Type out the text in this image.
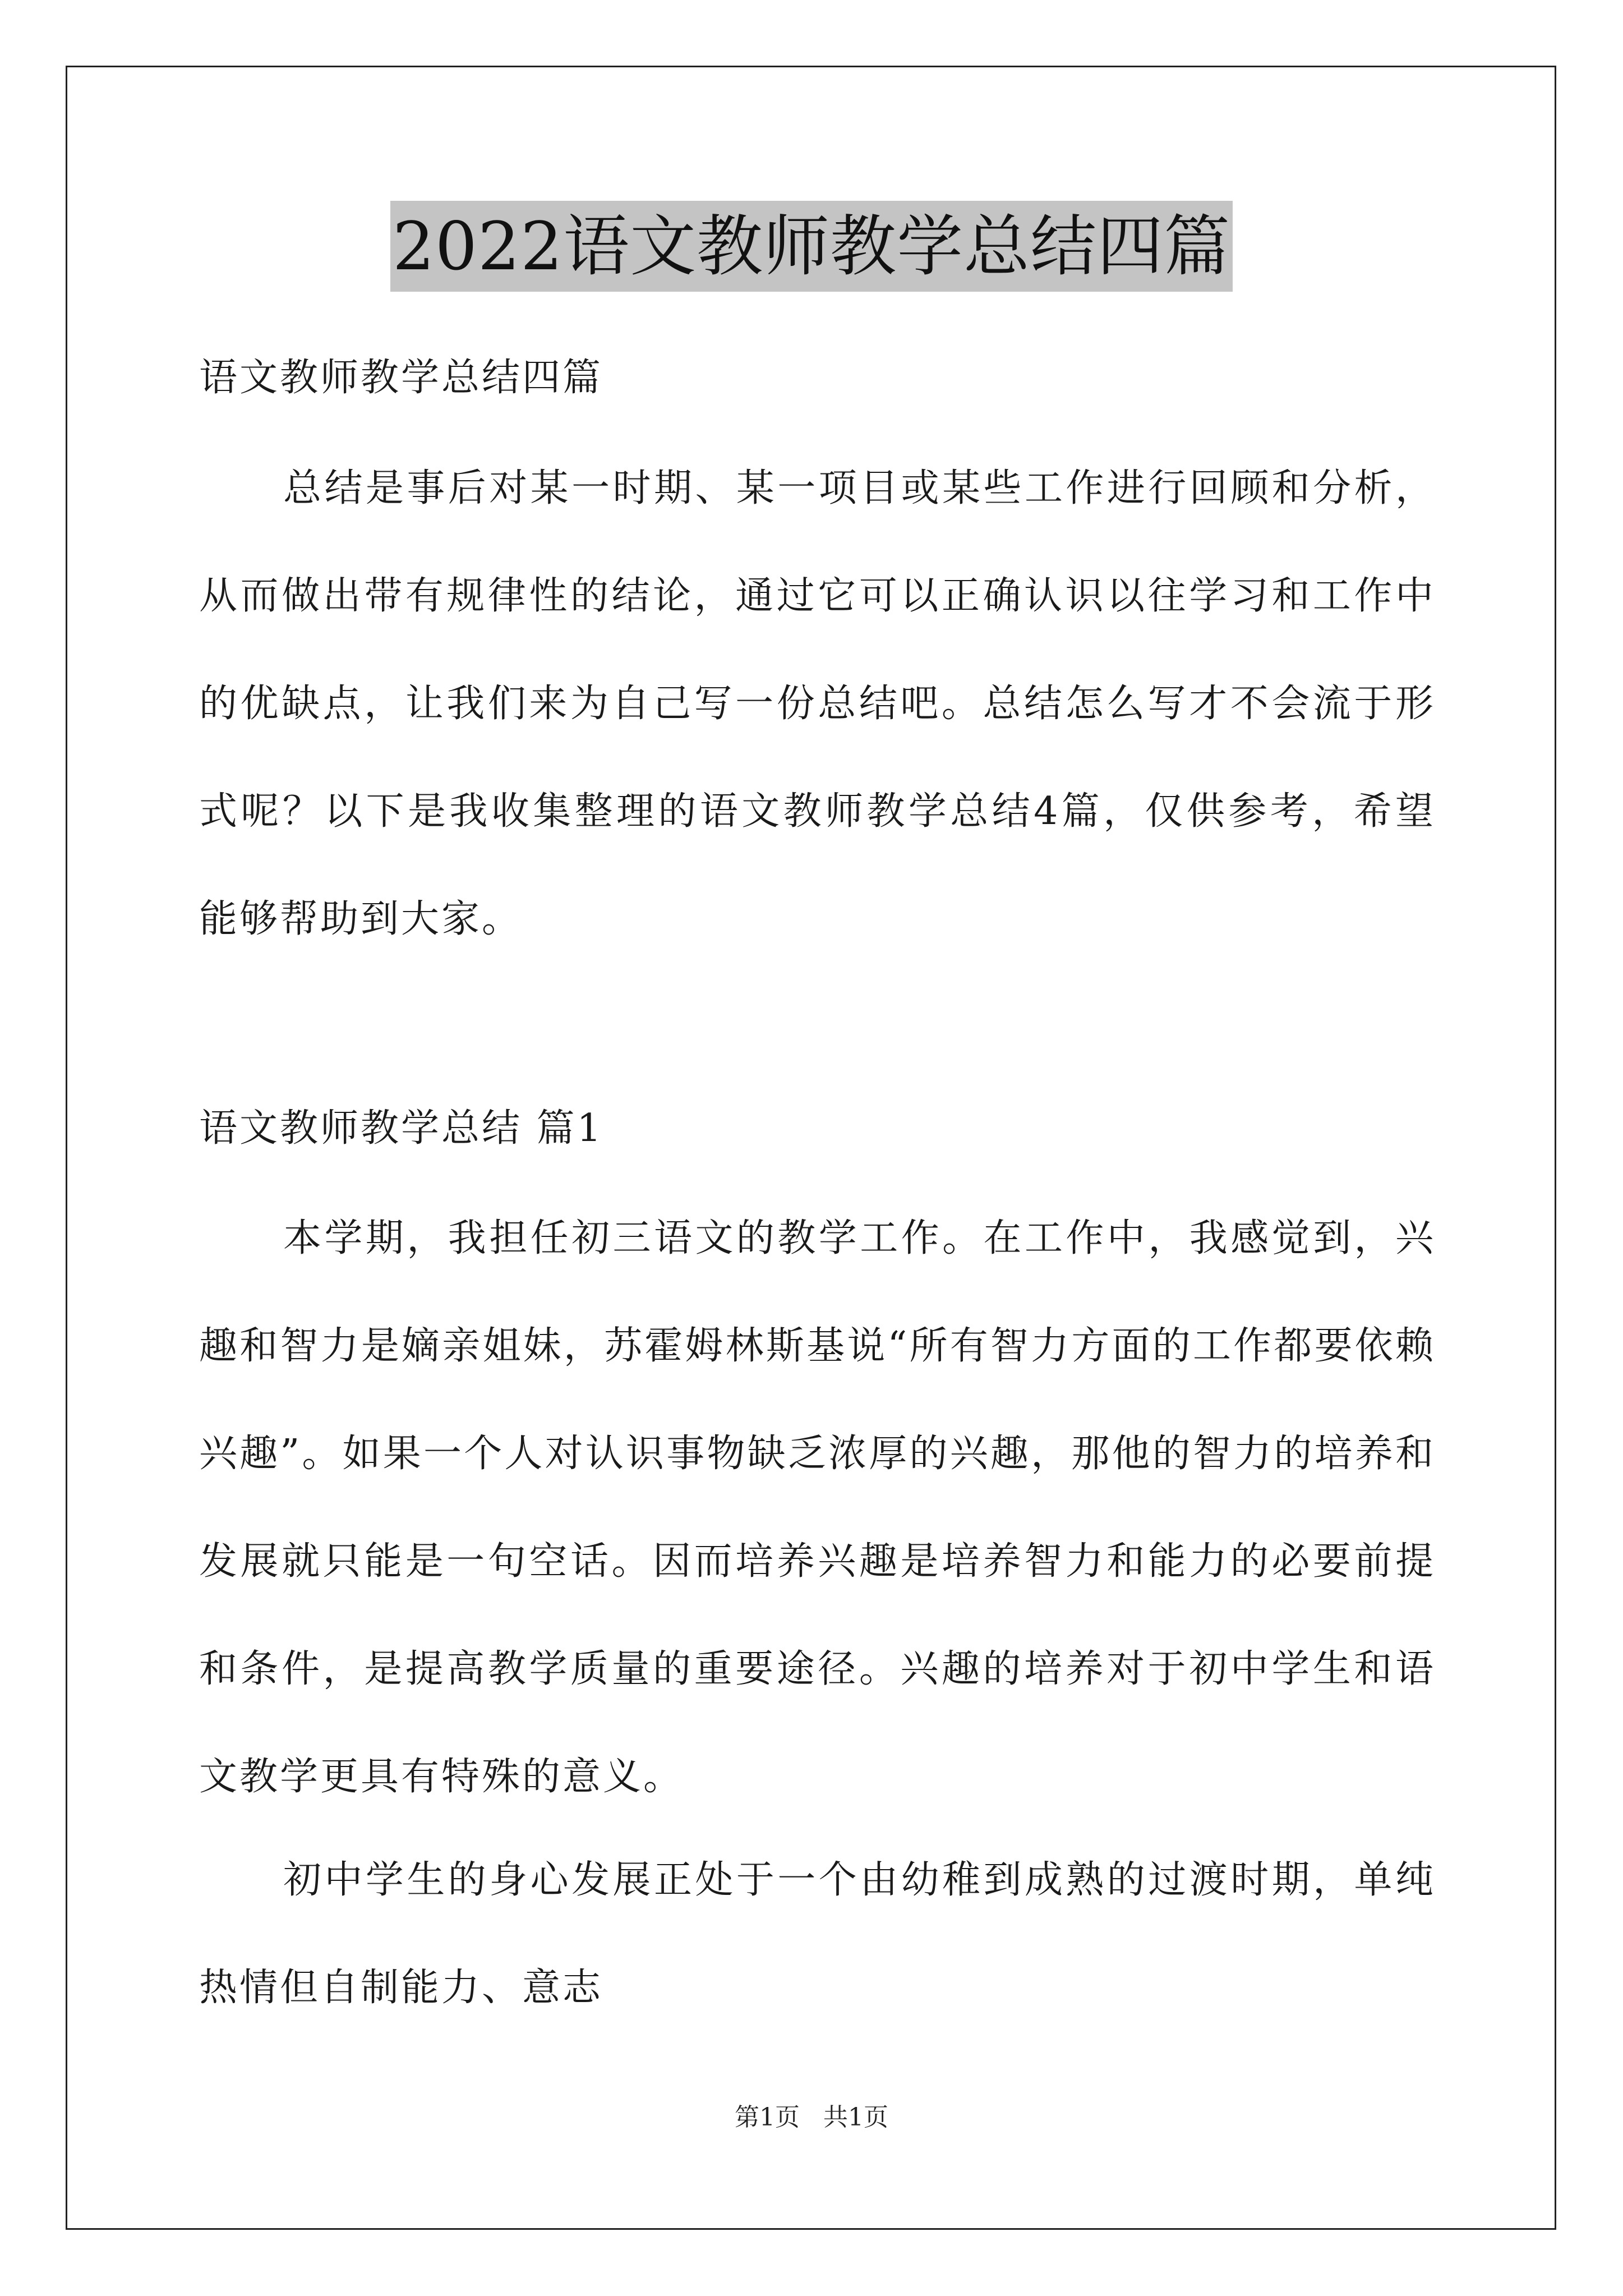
2022语文教师教学总结四篇
语文教师教学总结四篇
总结是事后对某一时期、某一项目或某些工作进行回顾和分析，从而做出带有规律性的结论，通过它可以正确认识以往学习和工作中的优缺点，让我们来为自己写一份总结吧。总结怎么写才不会流于形式呢？以下是我收集整理的语文教师教学总结4篇，仅供参考，希望能够帮助到大家。
语文教师教学总结 篇1
本学期，我担任初三语文的教学工作。在工作中，我感觉到，兴趣和智力是嫡亲姐妹，苏霍姆林斯基说“所有智力方面的工作都要依赖兴趣”。如果一个人对认识事物缺乏浓厚的兴趣，那他的智力的培养和发展就只能是一句空话。因而培养兴趣是培养智力和能力的必要前提和条件，是提高教学质量的重要途径。兴趣的培养对于初中学生和语文教学更具有特殊的意义。
初中学生的身心发展正处于一个由幼稚到成熟的过渡时期，单纯热情但自制能力、意志
第1页 共1页
